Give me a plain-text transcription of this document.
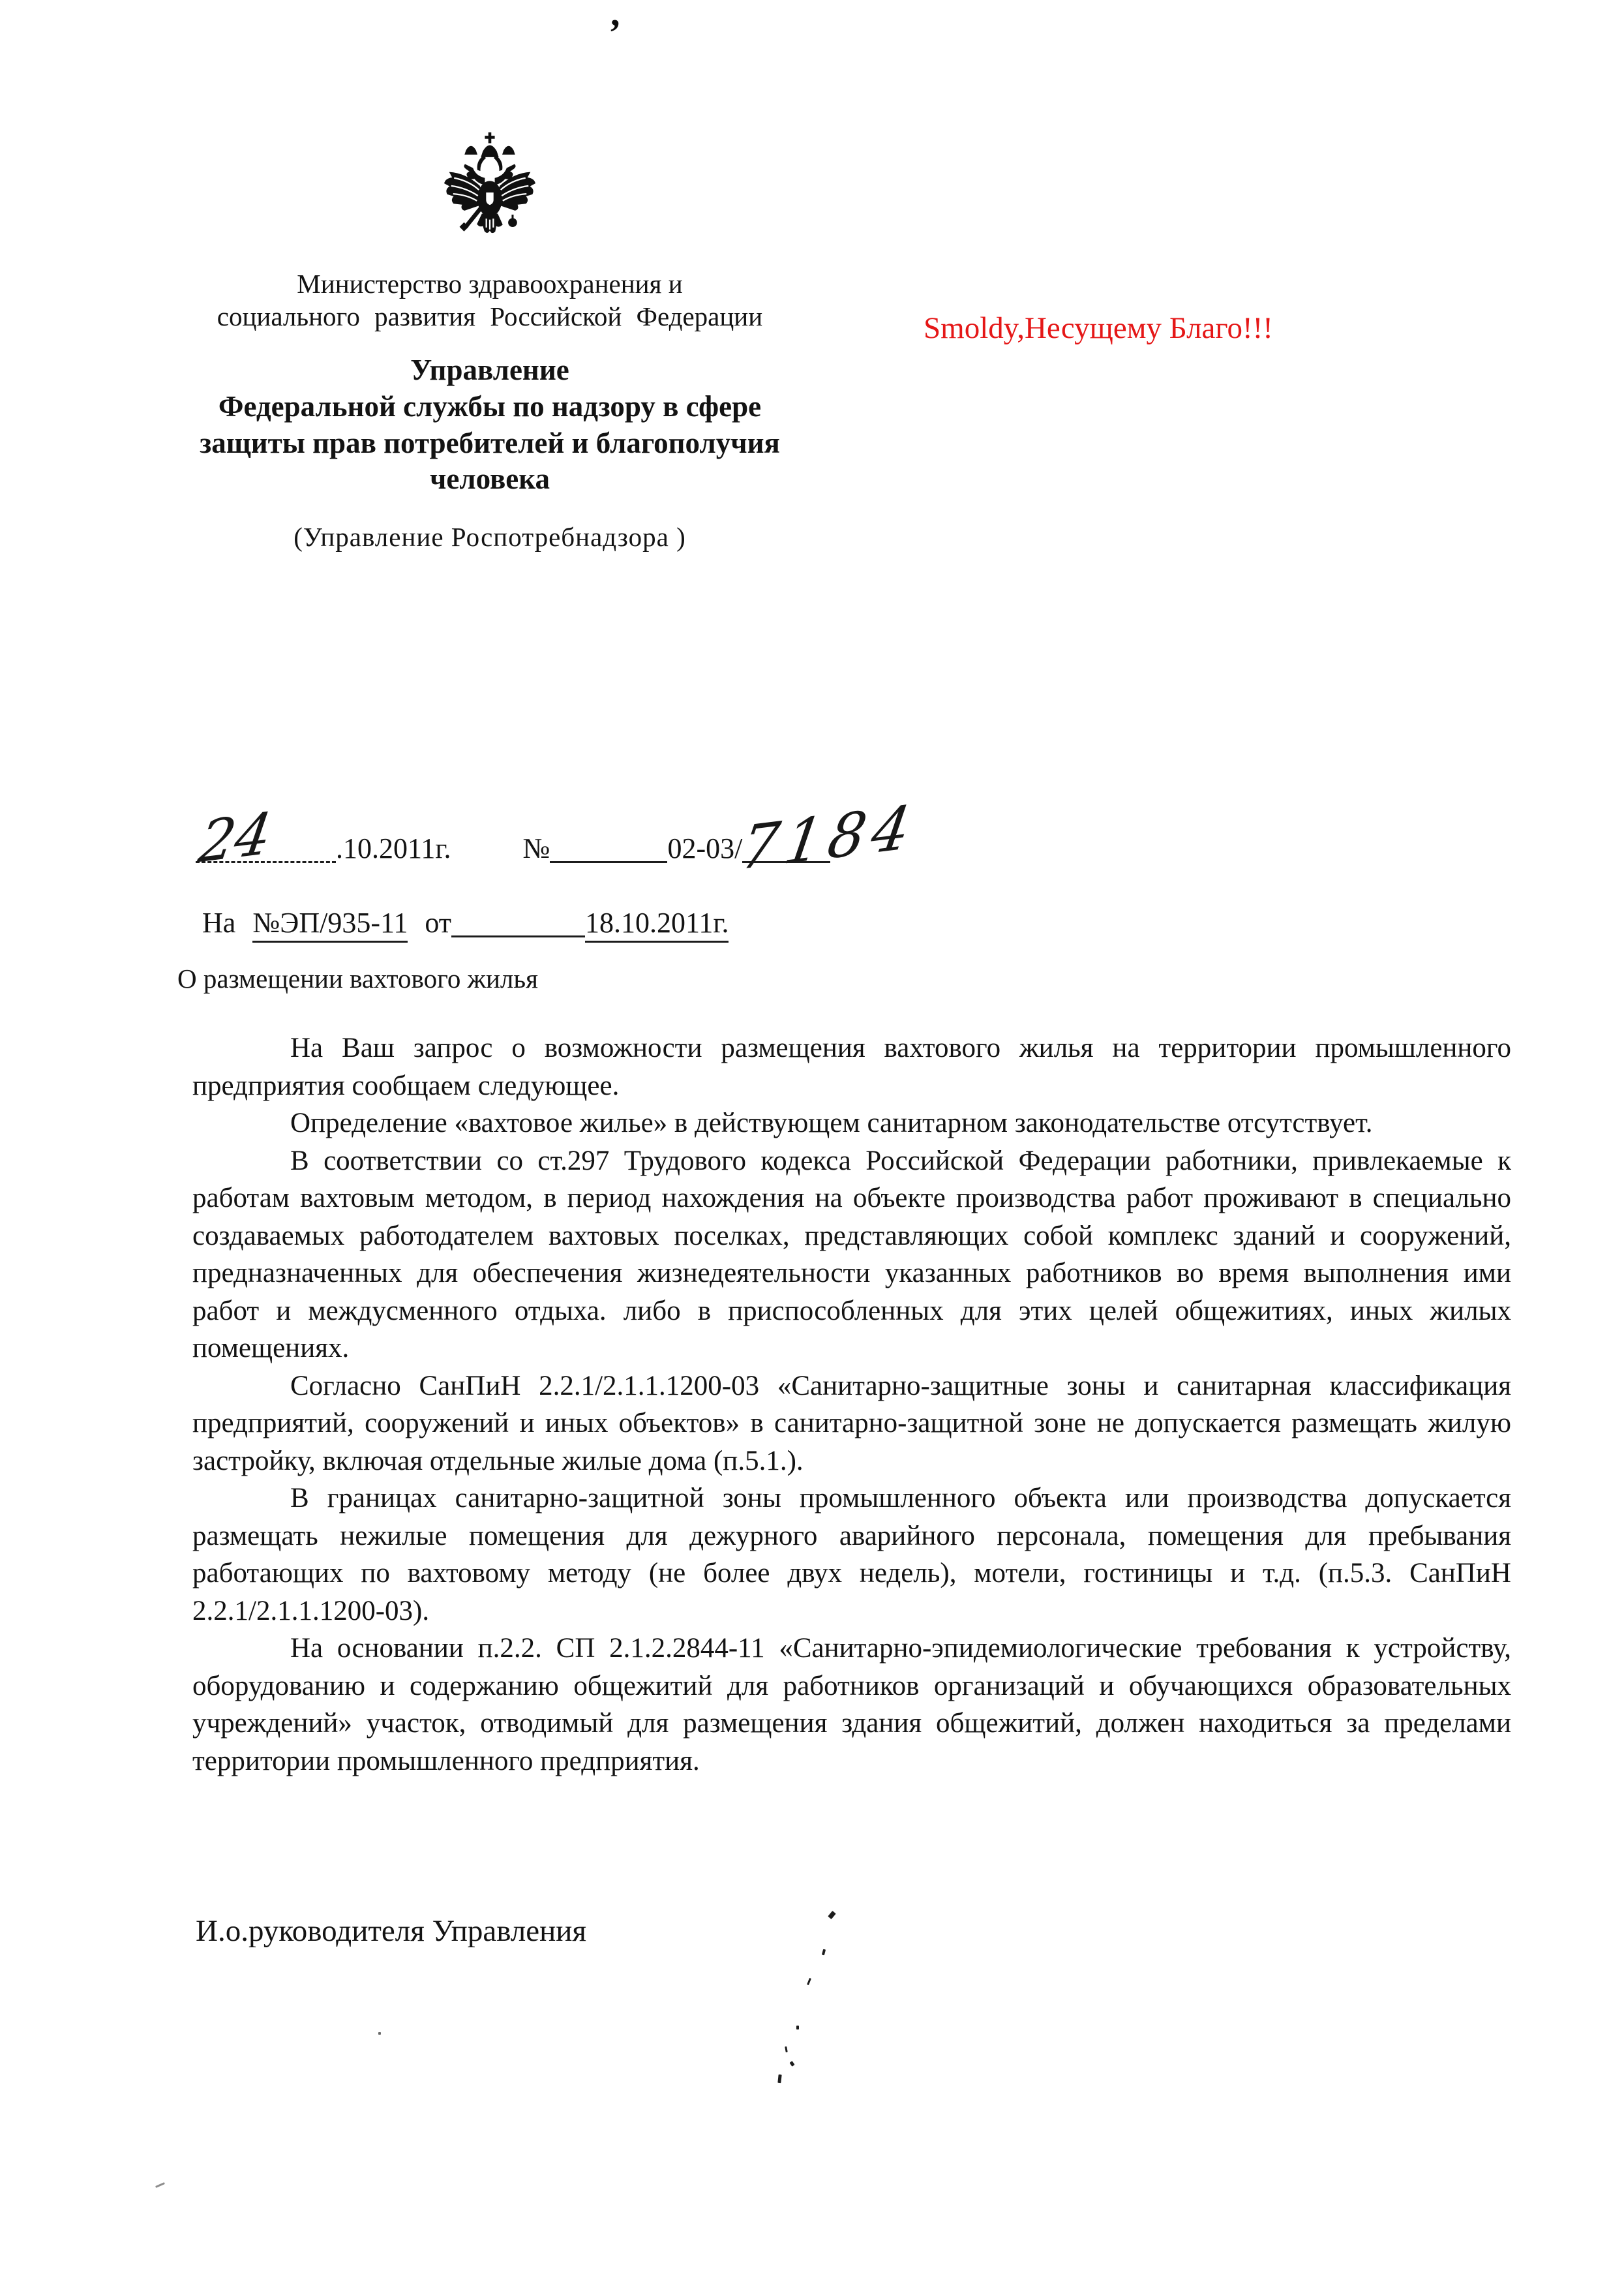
,
Министерство здравоохранения и
социального развития Российской Федерации
Управление
Федеральной службы по надзору в сфере
защиты прав потребителей и благополучия
человека
(Управление Роспотребнадзора )
Smoldy,Несущему Благо!!!
24 .10.2011г.	№	02-03/
7184
На №ЭП/935-11 от	18.10.2011г.
О размещении вахтового жилья

На Ваш запрос о возможности размещения вахтового жилья на территории промышленного предприятия сообщаем следующее.

Определение «вахтовое жилье» в действующем санитарном законодательстве отсутствует.

В соответствии со ст.297 Трудового кодекса Российской Федерации работники, привлекаемые к работам вахтовым методом, в период нахождения на объекте производства работ проживают в специально создаваемых работодателем вахтовых поселках, представляющих собой комплекс зданий и сооружений, предназначенных для обеспечения жизнедеятельности указанных работников во время выполнения ими работ и междусменного отдыха. либо в приспособленных для этих целей общежитиях, иных жилых помещениях.

Согласно СанПиН 2.2.1/2.1.1.1200-03 «Санитарно-защитные зоны и санитарная классификация предприятий, сооружений и иных объектов» в санитарно-защитной зоне не допускается размещать жилую застройку, включая отдельные жилые дома (п.5.1.).

В границах санитарно-защитной зоны промышленного объекта или производства допускается размещать нежилые помещения для дежурного аварийного персонала, помещения для пребывания работающих по вахтовому методу (не более двух недель), мотели, гостиницы и т.д. (п.5.3. СанПиН 2.2.1/2.1.1.1200-03).

На основании п.2.2. СП 2.1.2.2844-11 «Санитарно-эпидемиологические требования к устройству, оборудованию и содержанию общежитий для работников организаций и обучающихся образовательных учреждений» участок, отводимый для размещения здания общежитий, должен находиться за пределами территории промышленного предприятия.

И.о.руководителя Управления
